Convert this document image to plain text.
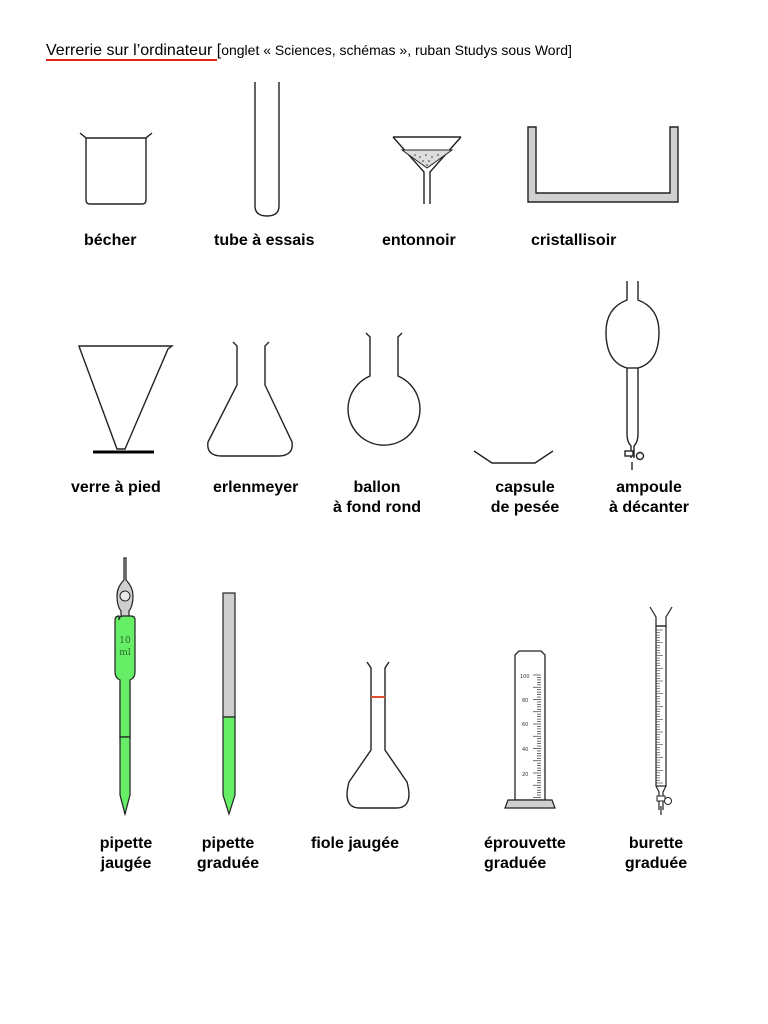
Verrerie sur l’ordinateur [onglet « Sciences, schémas », ruban Studys sous Word]
10
ml
100
80
60
40
20
bécher	tube à essais	entonnoir	cristallisoir
verre à pied	erlenmeyer	ballon
à fond rond
capsule
de pesée
ampoule
à décanter
pipette
jaugée
pipette
graduée
fiole jaugée	éprouvette
graduée
burette
graduée
